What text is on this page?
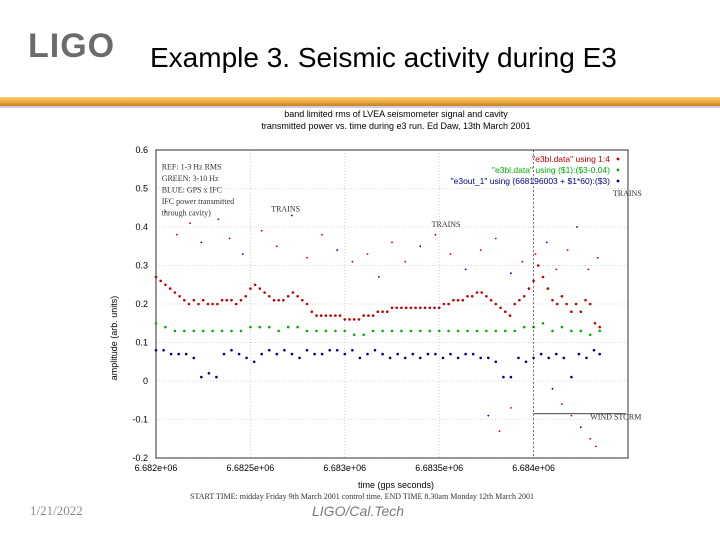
LIGO Example 3. Seismic activity during E3
band limited rms of LVEA seismometer signal and cavity
transmitted power vs. time during e3 run. Ed Daw, 13th March 2001
-0.2
-0.1
0
0.1
0.2
0.3
0.4
0.5
0.6
6.682e+06	6.6825e+06	6.683e+06	6.6835e+06	6.684e+06
"e3bl.data" using 1:4
"e3bl.data" using ($1):($3-0.04)
"e3out_1" using (668196003 + $1*60):($3)
REF: 1-3 Hz RMS
GREEN: 3-10 Hz
BLUE: GPS x IFC
IFC power transmitted
through cavity)	TRAINS
TRAINS
TRAINS
WIND STORM
time (gps seconds)
amplitude (arb. units)
START TIME: midday Friday 9th March 2001 control time. END TIME 8.30am Monday 12th March 2001
1/21/2022	LIGO/Cal.Tech
